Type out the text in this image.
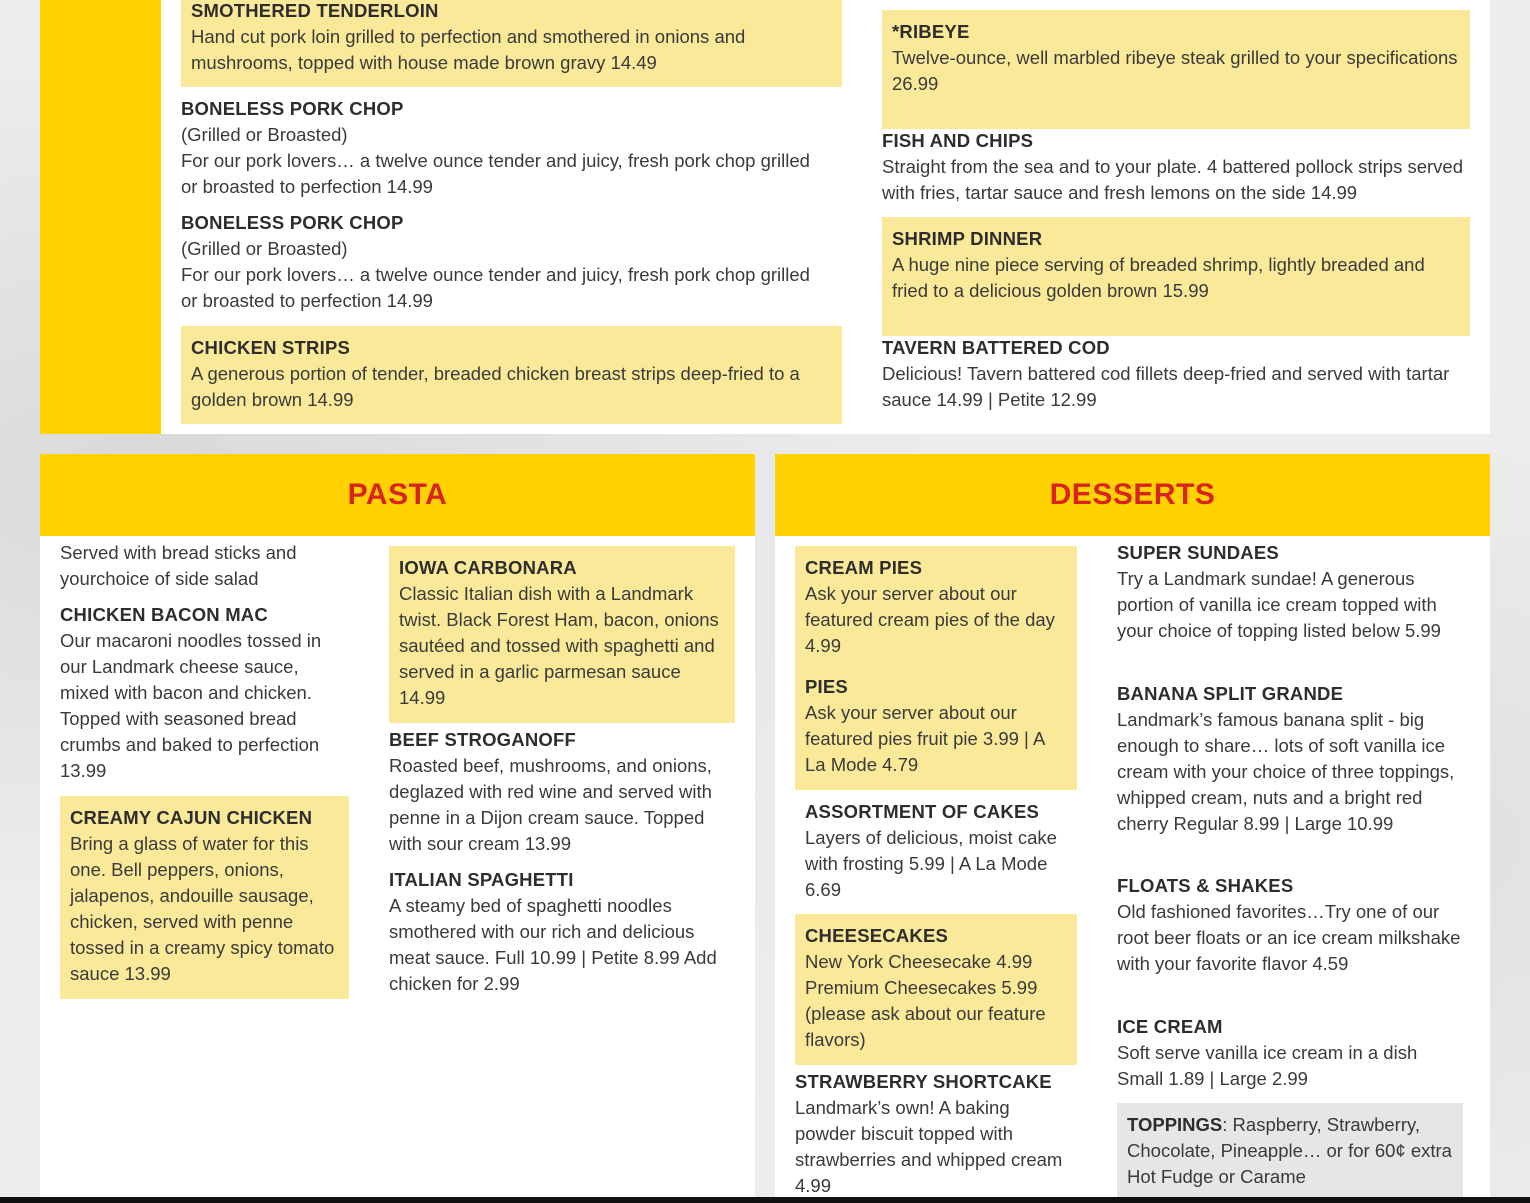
SMOTHERED TENDERLOIN
Hand cut pork loin grilled to perfection and smothered in onions and mushrooms, topped with house made brown gravy 14.49
BONELESS PORK CHOP
(Grilled or Broasted)
For our pork lovers… a twelve ounce tender and juicy, fresh pork chop grilled or broasted to perfection 14.99
BONELESS PORK CHOP
(Grilled or Broasted)
For our pork lovers… a twelve ounce tender and juicy, fresh pork chop grilled or broasted to perfection 14.99
CHICKEN STRIPS
A generous portion of tender, breaded chicken breast strips deep-fried to a golden brown 14.99
*RIBEYE
Twelve-ounce, well marbled ribeye steak grilled to your specifications 26.99
FISH AND CHIPS
Straight from the sea and to your plate. 4 battered pollock strips served with fries, tartar sauce and fresh lemons on the side 14.99
SHRIMP DINNER
A huge nine piece serving of breaded shrimp, lightly breaded and fried to a delicious golden brown 15.99
TAVERN BATTERED COD
Delicious! Tavern battered cod fillets deep-fried and served with tartar sauce 14.99 | Petite 12.99
PASTA
Served with bread sticks and yourchoice of side salad
CHICKEN BACON MAC
Our macaroni noodles tossed in our Landmark cheese sauce, mixed with bacon and chicken. Topped with seasoned bread crumbs and baked to perfection 13.99
CREAMY CAJUN CHICKEN
Bring a glass of water for this one. Bell peppers, onions, jalapenos, andouille sausage, chicken, served with penne tossed in a creamy spicy tomato sauce 13.99
IOWA CARBONARA
Classic Italian dish with a Landmark twist. Black Forest Ham, bacon, onions sautéed and tossed with spaghetti and served in a garlic parmesan sauce 14.99
BEEF STROGANOFF
Roasted beef, mushrooms, and onions, deglazed with red wine and served with penne in a Dijon cream sauce. Topped with sour cream 13.99
ITALIAN SPAGHETTI
A steamy bed of spaghetti noodles smothered with our rich and delicious meat sauce. Full 10.99 | Petite 8.99 Add chicken for 2.99
DESSERTS
CREAM PIES
Ask your server about our featured cream pies of the day 4.99
PIES
Ask your server about our featured pies fruit pie 3.99 | A La Mode 4.79
ASSORTMENT OF CAKES
Layers of delicious, moist cake with frosting 5.99 | A La Mode 6.69
CHEESECAKES
New York Cheesecake 4.99 Premium Cheesecakes 5.99 (please ask about our feature flavors)
STRAWBERRY SHORTCAKE
Landmark’s own! A baking powder biscuit topped with strawberries and whipped cream 4.99
SUPER SUNDAES
Try a Landmark sundae! A generous portion of vanilla ice cream topped with your choice of topping listed below 5.99
BANANA SPLIT GRANDE
Landmark’s famous banana split - big enough to share… lots of soft vanilla ice cream with your choice of three toppings, whipped cream, nuts and a bright red cherry Regular 8.99 | Large 10.99
FLOATS & SHAKES
Old fashioned favorites…Try one of our root beer floats or an ice cream milkshake with your favorite flavor 4.59
ICE CREAM
Soft serve vanilla ice cream in a dish Small 1.89 | Large 2.99
TOPPINGS: Raspberry, Strawberry, Chocolate, Pineapple… or for 60¢ extra Hot Fudge or Carame
